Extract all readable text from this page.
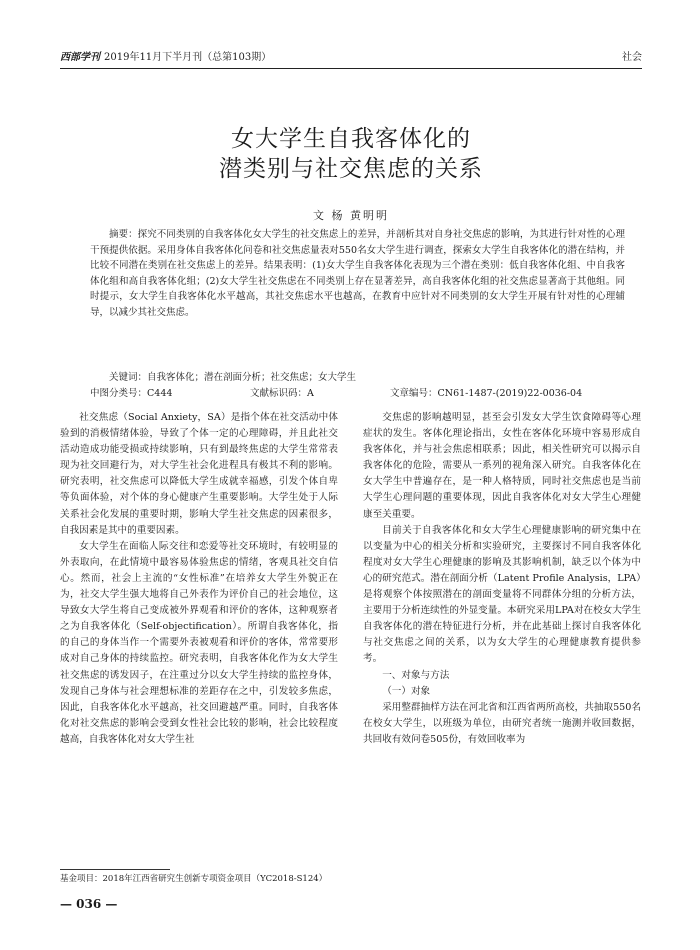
西部学刊 2019年11月下半月刊（总第103期）	社会
女大学生自我客体化的
潜类别与社交焦虑的关系
文 杨 黄明明
摘要：探究不同类别的自我客体化女大学生的社交焦虑上的差异，并剖析其对自身社交焦虑的影响，为其进行针对性的心理干预提供依据。采用身体自我客体化问卷和社交焦虑量表对550名女大学生进行调查，探索女大学生自我客体化的潜在结构，并比较不同潜在类别在社交焦虑上的差异。结果表明：(1)女大学生自我客体化表现为三个潜在类别：低自我客体化组、中自我客体化组和高自我客体化组；(2)女大学生社交焦虑在不同类别上存在显著差异，高自我客体化组的社交焦虑显著高于其他组。同时提示，女大学生自我客体化水平越高，其社交焦虑水平也越高，在教育中应针对不同类别的女大学生开展有针对性的心理辅导，以减少其社交焦虑。
关键词：自我客体化；潜在剖面分析；社交焦虑；女大学生
中图分类号：C444	文献标识码：A	文章编号：CN61-1487-(2019)22-0036-04

社交焦虑（Social Anxiety，SA）是指个体在社交活动中体验到的消极情绪体验，导致了个体一定的心理障碍，并且此社交活动造成功能受损或持续影响，只有到最终焦虑的大学生常常表现为社交回避行为，对大学生社会化进程具有极其不利的影响。研究表明，社交焦虑可以降低大学生成就幸福感，引发个体自卑等负面体验，对个体的身心健康产生重要影响。大学生处于人际关系社会化发展的重要时期，影响大学生社交焦虑的因素很多，自我因素是其中的重要因素。

女大学生在面临人际交往和恋爱等社交环境时，有较明显的外表取向，在此情境中最容易体验焦虑的情绪，客观具社交自信心。然而，社会上主流的“女性标准”在培养女大学生外貌正在为，社交大学生强大地将自己外表作为评价自己的社会地位，这导致女大学生将自己变成被外界观看和评价的客体，这种观察者之为自我客体化（Self-objectification）。所谓自我客体化，指的自己的身体当作一个需要外表被观看和评价的客体，常常要形成对自己身体的持续监控。研究表明，自我客体化作为女大学生社交焦虑的诱发因子，在注重过分以女大学生持续的监控身体，发现自己身体与社会理想标准的差距存在之中，引发较多焦虑，因此，自我客体化水平越高，社交回避越严重。同时，自我客体化对社交焦虑的影响会受到女性社会比较的影响，社会比较程度越高，自我客体化对女大学生社

交焦虑的影响越明显，甚至会引发女大学生饮食障碍等心理症状的发生。客体化理论指出，女性在客体化环境中容易形成自我客体化，并与社会焦虑相联系；因此，相关性研究可以揭示自我客体化的危险，需要从一系列的视角深入研究。自我客体化在女大学生中普遍存在，是一种人格特质，同时社交焦虑也是当前大学生心理问题的重要体现，因此自我客体化对女大学生心理健康至关重要。

目前关于自我客体化和女大学生心理健康影响的研究集中在以变量为中心的相关分析和实验研究，主要探讨不同自我客体化程度对女大学生心理健康的影响及其影响机制，缺乏以个体为中心的研究范式。潜在剖面分析（Latent Profile Analysis，LPA）是将观察个体按照潜在的剖面变量将不同群体分组的分析方法，主要用于分析连续性的外显变量。本研究采用LPA对在校女大学生自我客体化的潜在特征进行分析，并在此基础上探讨自我客体化与社交焦虑之间的关系，以为女大学生的心理健康教育提供参考。

一、对象与方法

（一）对象

采用整群抽样方法在河北省和江西省两所高校，共抽取550名在校女大学生，以班级为单位，由研究者统一施测并收回数据，共回收有效问卷505份，有效回收率为

基金项目：2018年江西省研究生创新专项资金项目（YC2018-S124）
— 036 —
